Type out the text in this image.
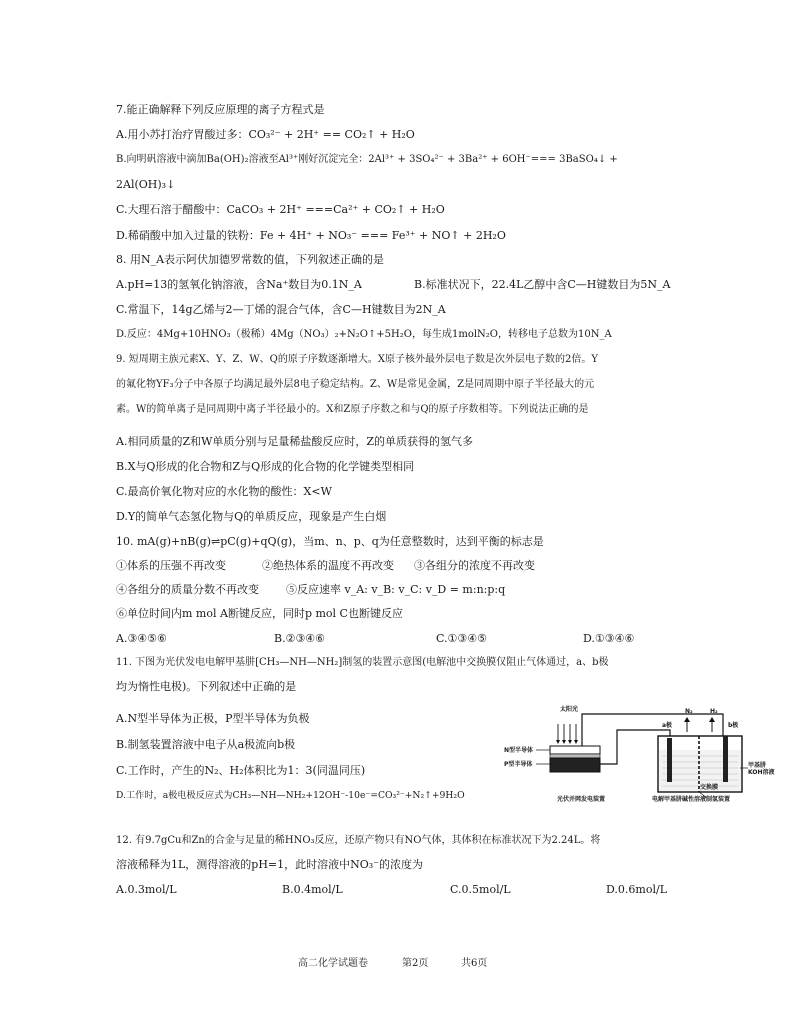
7.能正确解释下列反应原理的离子方程式是
A.用小苏打治疗胃酸过多：CO₃²⁻ + 2H⁺ == CO₂↑ + H₂O
B.向明矾溶液中滴加Ba(OH)₂溶液至Al³⁺刚好沉淀完全：2Al³⁺ + 3SO₄²⁻ + 3Ba²⁺ + 6OH⁻=== 3BaSO₄↓ +
2Al(OH)₃↓
C.大理石溶于醋酸中：CaCO₃ + 2H⁺ ===Ca²⁺ + CO₂↑ + H₂O
D.稀硝酸中加入过量的铁粉：Fe + 4H⁺ + NO₃⁻ === Fe³⁺ + NO↑ + 2H₂O
8. 用N_A表示阿伏加德罗常数的值，下列叙述正确的是
A.pH=13的氢氧化钠溶液，含Na⁺数目为0.1N_A	B.标准状况下，22.4L乙醇中含C—H键数目为5N_A
C.常温下，14g乙烯与2—丁烯的混合气体，含C—H键数目为2N_A
D.反应：4Mg+10HNO₃（极稀）4Mg（NO₃）₂+N₂O↑+5H₂O，每生成1molN₂O，转移电子总数为10N_A
9. 短周期主族元素X、Y、Z、W、Q的原子序数逐渐增大。X原子核外最外层电子数是次外层电子数的2倍。Y
的氟化物YF₃分子中各原子均满足最外层8电子稳定结构。Z、W是常见金属，Z是同周期中原子半径最大的元
素。W的简单离子是同周期中离子半径最小的。X和Z原子序数之和与Q的原子序数相等。下列说法正确的是
A.相同质量的Z和W单质分别与足量稀盐酸反应时，Z的单质获得的氢气多
B.X与Q形成的化合物和Z与Q形成的化合物的化学键类型相同
C.最高价氧化物对应的水化物的酸性：X<W
D.Y的简单气态氢化物与Q的单质反应，现象是产生白烟
10. mA(g)+nB(g)⇌pC(g)+qQ(g)，当m、n、p、q为任意整数时，达到平衡的标志是
①体系的压强不再改变	②绝热体系的温度不再改变 ③各组分的浓度不再改变
④各组分的质量分数不再改变 ⑤反应速率 v_A: v_B: v_C: v_D = m:n:p:q
⑥单位时间内m mol A断键反应，同时p mol C也断键反应
A.③④⑤⑥	B.②③④⑥	C.①③④⑤	D.①③④⑥
11. 下图为光伏发电电解甲基肼[CH₃—NH—NH₂]制氢的装置示意图(电解池中交换膜仅阻止气体通过，a、b极
均为惰性电极)。下列叙述中正确的是
A.N型半导体为正极，P型半导体为负极
B.制氢装置溶液中电子从a极流向b极
C.工作时，产生的N₂、H₂体积比为1：3(同温同压)
D.工作时，a极电极反应式为CH₃—NH—NH₂+12OH⁻-10e⁻=CO₃²⁻+N₂↑+9H₂O
太阳光
N型半导体
P型半导体
a极
N₂	H₂
b极
甲基肼
KOH溶液
光伏并网发电装置	电解甲基肼碱性溶液制氢装置
交换膜
12. 有9.7gCu和Zn的合金与足量的稀HNO₃反应，还原产物只有NO气体，其体积在标准状况下为2.24L。将
溶液稀释为1L，测得溶液的pH=1，此时溶液中NO₃⁻的浓度为
A.0.3mol/L	B.0.4mol/L	C.0.5mol/L	D.0.6mol/L
高二化学试题卷	第2页	共6页
